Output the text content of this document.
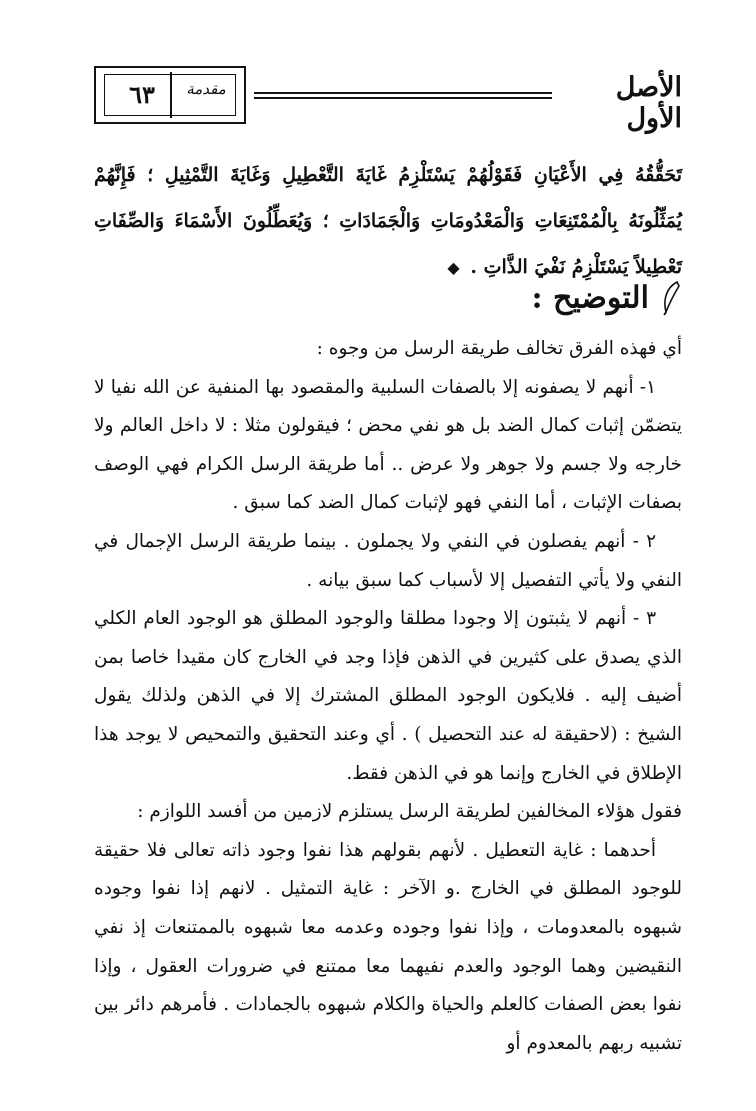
٦٣	مقدمة	الأصل الأول
تَحَقُّقُهُ فِي الأَعْيَانِ فَقَوْلُهُمْ يَسْتَلْزِمُ غَايَةَ التَّعْطِيلِ وَغَايَةَ التَّمْثِيلِ ؛ فَإِنَّهُمْ يُمَثِّلُونَهُ بِالْمُمْتَنِعَاتِ وَالْمَعْدُومَاتِ وَالْجَمَادَاتِ ؛ وَيُعَطِّلُونَ الأَسْمَاءَ وَالصِّفَاتِ تَعْطِيلاً يَسْتَلْزِمُ نَفْيَ الذَّاتِ . ◆
التوضيح :

أي فهذه الفرق تخالف طريقة الرسل من وجوه :

١- أنهم لا يصفونه إلا بالصفات السلبية والمقصود بها المنفية عن الله نفيا لا يتضمّن إثبات كمال الضد بل هو نفي محض ؛ فيقولون مثلا : لا داخل العالم ولا خارجه ولا جسم ولا جوهر ولا عرض .. أما طريقة الرسل الكرام فهي الوصف بصفات الإثبات ، أما النفي فهو لإثبات كمال الضد كما سبق .

٢ - أنهم يفصلون في النفي ولا يجملون . بينما طريقة الرسل الإجمال في النفي ولا يأتي التفصيل إلا لأسباب كما سبق بيانه .

٣ - أنهم لا يثبتون إلا وجودا مطلقا والوجود المطلق هو الوجود العام الكلي الذي يصدق على كثيرين في الذهن فإذا وجد في الخارج كان مقيدا خاصا بمن أضيف إليه . فلايكون الوجود المطلق المشترك إلا في الذهن ولذلك يقول الشيخ : (لاحقيقة له عند التحصيل ) . أي وعند التحقيق والتمحيص لا يوجد هذا الإطلاق في الخارج وإنما هو في الذهن فقط.

فقول هؤلاء المخالفين لطريقة الرسل يستلزم لازمين من أفسد اللوازم :

أحدهما : غاية التعطيل . لأنهم بقولهم هذا نفوا وجود ذاته تعالى فلا حقيقة للوجود المطلق في الخارج .و الآخر : غاية التمثيل . لانهم إذا نفوا وجوده شبهوه بالمعدومات ، وإذا نفوا وجوده وعدمه معا شبهوه بالممتنعات إذ نفي النقيضين وهما الوجود والعدم نفيهما معا ممتنع في ضرورات العقول ، وإذا نفوا بعض الصفات كالعلم والحياة والكلام شبهوه بالجمادات . فأمرهم دائر بين تشبيه ربهم بالمعدوم أو
